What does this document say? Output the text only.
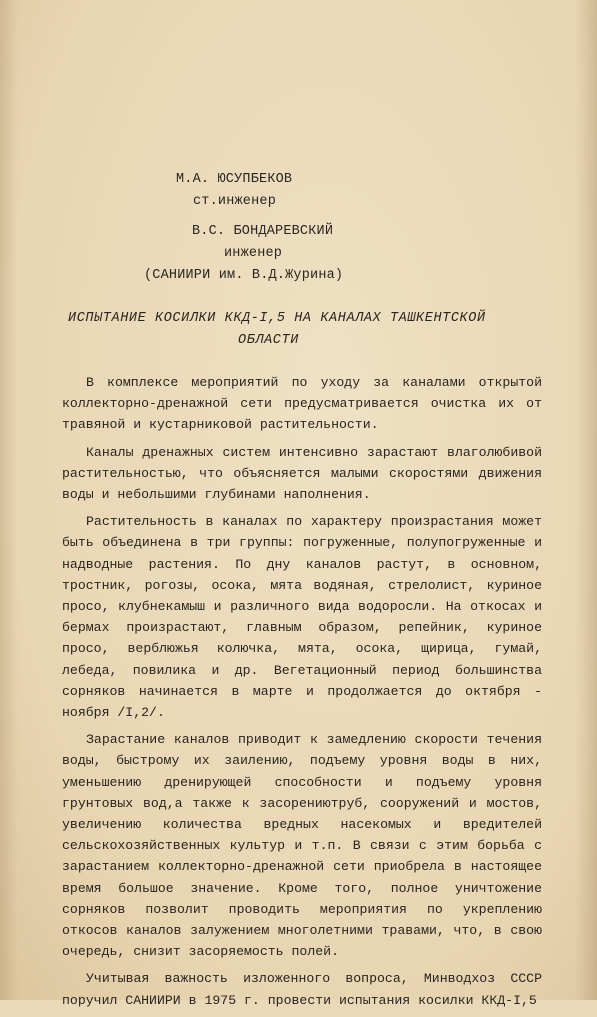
М.А. ЮСУПБЕКОВ
ст.инженер
В.С. БОНДАРЕВСКИЙ
инженер
(САНИИРИ им. В.Д.Журина)
ИСПЫТАНИЕ КОСИЛКИ ККД-I,5 НА КАНАЛАХ ТАШКЕНТСКОЙ
ОБЛАСТИ

В комплексе мероприятий по уходу за каналами открытой коллекторно-дренажной сети предусматривается очистка их от травяной и кустарниковой растительности.

Каналы дренажных систем интенсивно зарастают влаголюбивой растительностью, что объясняется малыми скоростями движения воды и небольшими глубинами наполнения.

Растительность в каналах по характеру произрастания может быть объединена в три группы: погруженные, полупогруженные и надводные растения. По дну каналов растут, в основном, тростник, рогозы, осока, мята водяная, стрелолист, куриное просо, клубнекамыш и различного вида водоросли. На откосах и бермах произрастают, главным образом, репейник, куриное просо, верблюжья колючка, мята, осока, щирица, гумай, лебеда, повилика и др. Вегетационный период большинства сорняков начинается в марте и продолжается до октября - ноября /I,2/.

Зарастание каналов приводит к замедлению скорости течения воды, быстрому их заилению, подъему уровня воды в них, уменьшению дренирующей способности и подъему уровня грунтовых вод,а также к засорениютруб, сооружений и мостов, увеличению количества вредных насекомых и вредителей сельскохозяйственных культур и т.п. В связи с этим борьба с зарастанием коллекторно-дренажной сети приобрела в настоящее время большое значение. Кроме того, полное уничтожение сорняков позволит проводить мероприятия по укреплению откосов каналов залужением многолетними травами, что, в свою очередь, снизит засоряемость полей.

Учитывая важность изложенного вопроса, Минводхоз СССР поручил САНИИРИ в 1975 г. провести испытания косилки ККД-I,5
